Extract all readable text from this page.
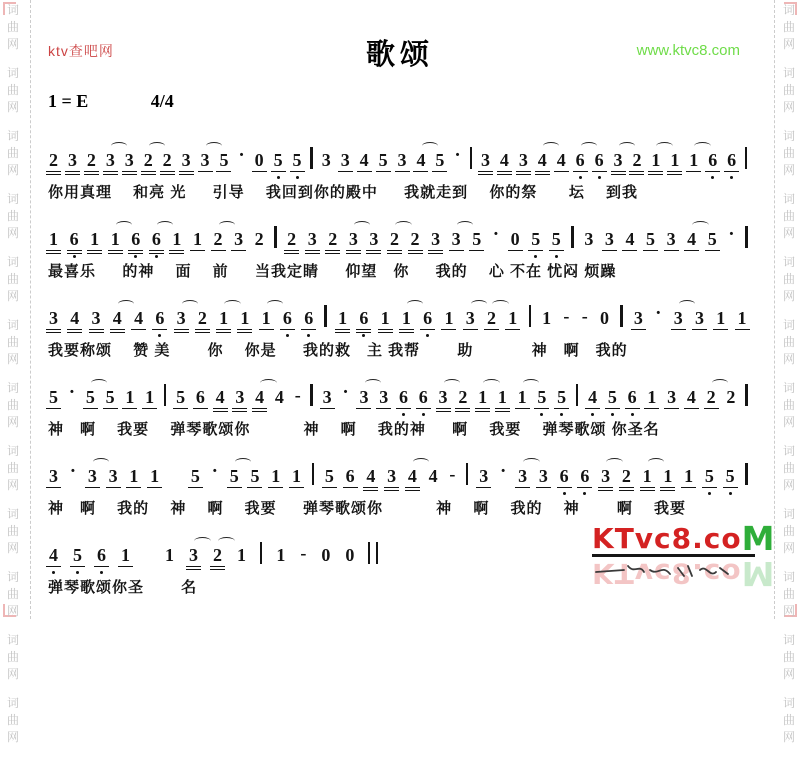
词
曲
网
词
曲
网
词
曲
网
词
曲
网
词
曲
网
词
曲
网
词
曲
网
词
曲
网
词
曲
网
词
曲
网
词
曲
网
词
曲
网
词
曲
网
词
曲
网
词
曲
网
词
曲
网
词
曲
网
词
曲
网
词
曲
网
词
曲
网
词
曲
网
词
曲
网
词
曲
网
词
曲
网
ktv查吧网	歌颂	www.ktvc8.com
1 = E	4/4
2 3 2 3 3 2 2 3 3 5 · 0 5 5 3 3 4 5 3 4 5 · 3 4 3 4 4 6 6 3 2 1 1 1 6 6
你用真理　 和亮 光　  引导　 我回到你的殿中　  我就走到　 你的祭　   坛　 到我
1 6 1 1 6 6 1 1 2 3 2 2 3 2 3 3 2 2 3 3 5 · 0 5 5 3 3 4 5 3 4 5 ·
最喜乐　  的神　 面　 前　  当我定睛　  仰望　你　  我的　 心 不在 忧闷 烦躁
3 4 3 4 4 6 3 2 1 1 1 6 6 1 6 1 1 6 1 3 2 1 1 - - 0 3 · 3 3 1 1
我要称颂　 赞 美　　 你　 你是　  我的救　主 我帮　　 助　　　  神　啊　我的
5 · 5 5 1 1 5 6 4 3 4 4 - 3 · 3 3 6 6 3 2 1 1 1 5 5 4 5 6 1 3 4 2 2
神　啊　 我要　 弹琴歌颂你　　　 神　 啊　 我的神　  啊　 我要　 弹琴歌颂 你圣名
3 · 3 3 1 1 5 · 5 5 1 1 5 6 4 3 4 4 - 3 · 3 3 6 6 3 2 1 1 1 5 5
神　啊　 我的　 神　 啊　 我要　  弹琴歌颂你　　　 神　 啊　 我的　 神　　 啊　 我要
4 5 6 1 1 3 2 1 1 - 0 0
弹琴歌颂你圣　　 名
KTvc8.coM
KTvc8.coM
